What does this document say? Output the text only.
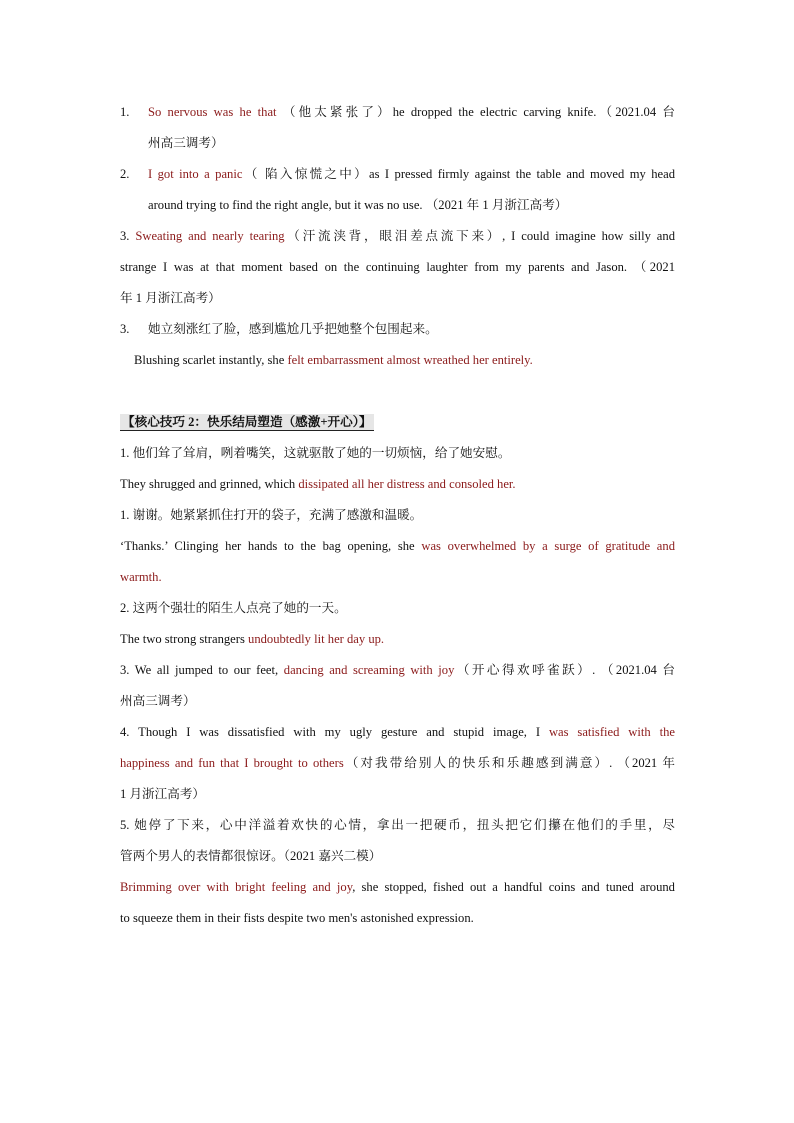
1. So nervous was he that （他太紧张了）he dropped the electric carving knife.（2021.04 台
州高三调考）
2. I got into a panic（ 陷入惊慌之中）as I pressed firmly against the table and moved my head
around trying to find the right angle, but it was no use. （2021 年 1 月浙江高考）
3. Sweating and nearly tearing（汗流浃背，眼泪差点流下来）, I could imagine how silly and
strange I was at that moment based on the continuing laughter from my parents and Jason. （2021
年 1 月浙江高考）
3. 她立刻涨红了脸，感到尴尬几乎把她整个包围起来。
Blushing scarlet instantly, she felt embarrassment almost wreathed her entirely.
【核心技巧 2：快乐结局塑造（感激+开心）】
1. 他们耸了耸肩，咧着嘴笑，这就驱散了她的一切烦恼，给了她安慰。
They shrugged and grinned, which dissipated all her distress and consoled her.
1. 谢谢。她紧紧抓住打开的袋子，充满了感激和温暖。
‘Thanks.’ Clinging her hands to the bag opening, she was overwhelmed by a surge of gratitude and
warmth.
2. 这两个强壮的陌生人点亮了她的一天。
The two strong strangers undoubtedly lit her day up.
3. We all jumped to our feet, dancing and screaming with joy（开心得欢呼雀跃）. （2021.04 台
州高三调考）
4. Though I was dissatisfied with my ugly gesture and stupid image, I was satisfied with the
happiness and fun that I brought to others（对我带给别人的快乐和乐趣感到满意）. （2021 年
1 月浙江高考）
5. 她停了下来，心中洋溢着欢快的心情，拿出一把硬币，扭头把它们攥在他们的手里，尽
管两个男人的表情都很惊讶。（2021 嘉兴二模）
Brimming over with bright feeling and joy, she stopped, fished out a handful coins and tuned around
to squeeze them in their fists despite two men's astonished expression.
